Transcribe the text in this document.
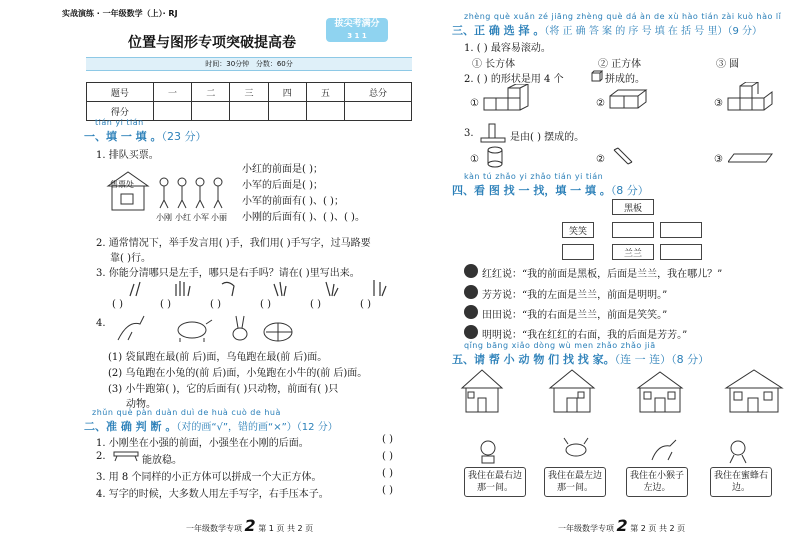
实战演练 · 一年级数学（上）· RJ
位置与图形专项突破提高卷
拔尖考满分
3 1 1
时间：30分钟 分数：60分
题号	一	二	三	四	五	总分
得分						
tián yi tián
一、填 一 填 。（23 分）
1. 排队买票。
售票处
小刚 小红 小军 小丽
小红的前面是( )；
小军的后面是( )；
小军的前面有( )、( )；
小刚的后面有( )、( )、( )。
2. 通常情况下，举手发言用( )手，我们用( )手写字，过马路要
靠( )行。
3. 你能分清哪只是左手，哪只是右手吗？请在( )里写出来。
( )	( )	( )	( )	( )	( )
4.
(1) 袋鼠跑在最(前 后)面，乌龟跑在最(前 后)面。
(2) 乌龟跑在小兔的(前 后)面，小兔跑在小牛的(前 后)面。
(3) 小牛跑第( )，它的后面有( )只动物，前面有( )只
动物。
zhǔn què pàn duàn duì de huà cuò de huà
二、准 确 判 断 。（对的画“√”，错的画“×”）（12 分）
1. 小刚坐在小强的前面，小强坐在小刚的后面。
2.	能放稳。
3. 用 8 个同样的小正方体可以拼成一个大正方体。
4. 写字的时候，大多数人用左手写字，右手压本子。
( )
( )
( )
( )
一年级数学专项 2 第 1 页 共 2 页
zhèng què xuǎn zé jiāng zhèng què dá àn de xù hào tián zài kuò hào lǐ
三、正 确 选 择 。（将 正 确 答 案 的 序 号 填 在 括 号 里）（9 分）
1. ( ) 最容易滚动。
① 长方体	② 正方体	③ 圆
2. ( ) 的形状是用 4 个	拼成的。
①	②	③
3.	是由( ) 摆成的。
①	②	③
kàn tú zhǎo yi zhǎo tián yi tián
四、看 图 找 一 找，填 一 填 。（8 分）
黑板
笑笑
兰兰
红红说：“我的前面是黑板，后面是兰兰，我在哪儿？”
芳芳说：“我的左面是兰兰，前面是明明。”
田田说：“我的右面是兰兰，前面是笑笑。”
明明说：“我在红红的右面，我的后面是芳芳。”
qǐng bāng xiǎo dòng wù men zhǎo zhǎo jiā
五、请 帮 小 动 物 们 找 找 家。（连 一 连）（8 分）
我住在最右边那一间。
我住在最左边那一间。
我住在小猴子左边。
我住在蜜蜂右边。
一年级数学专项 2 第 2 页 共 2 页
